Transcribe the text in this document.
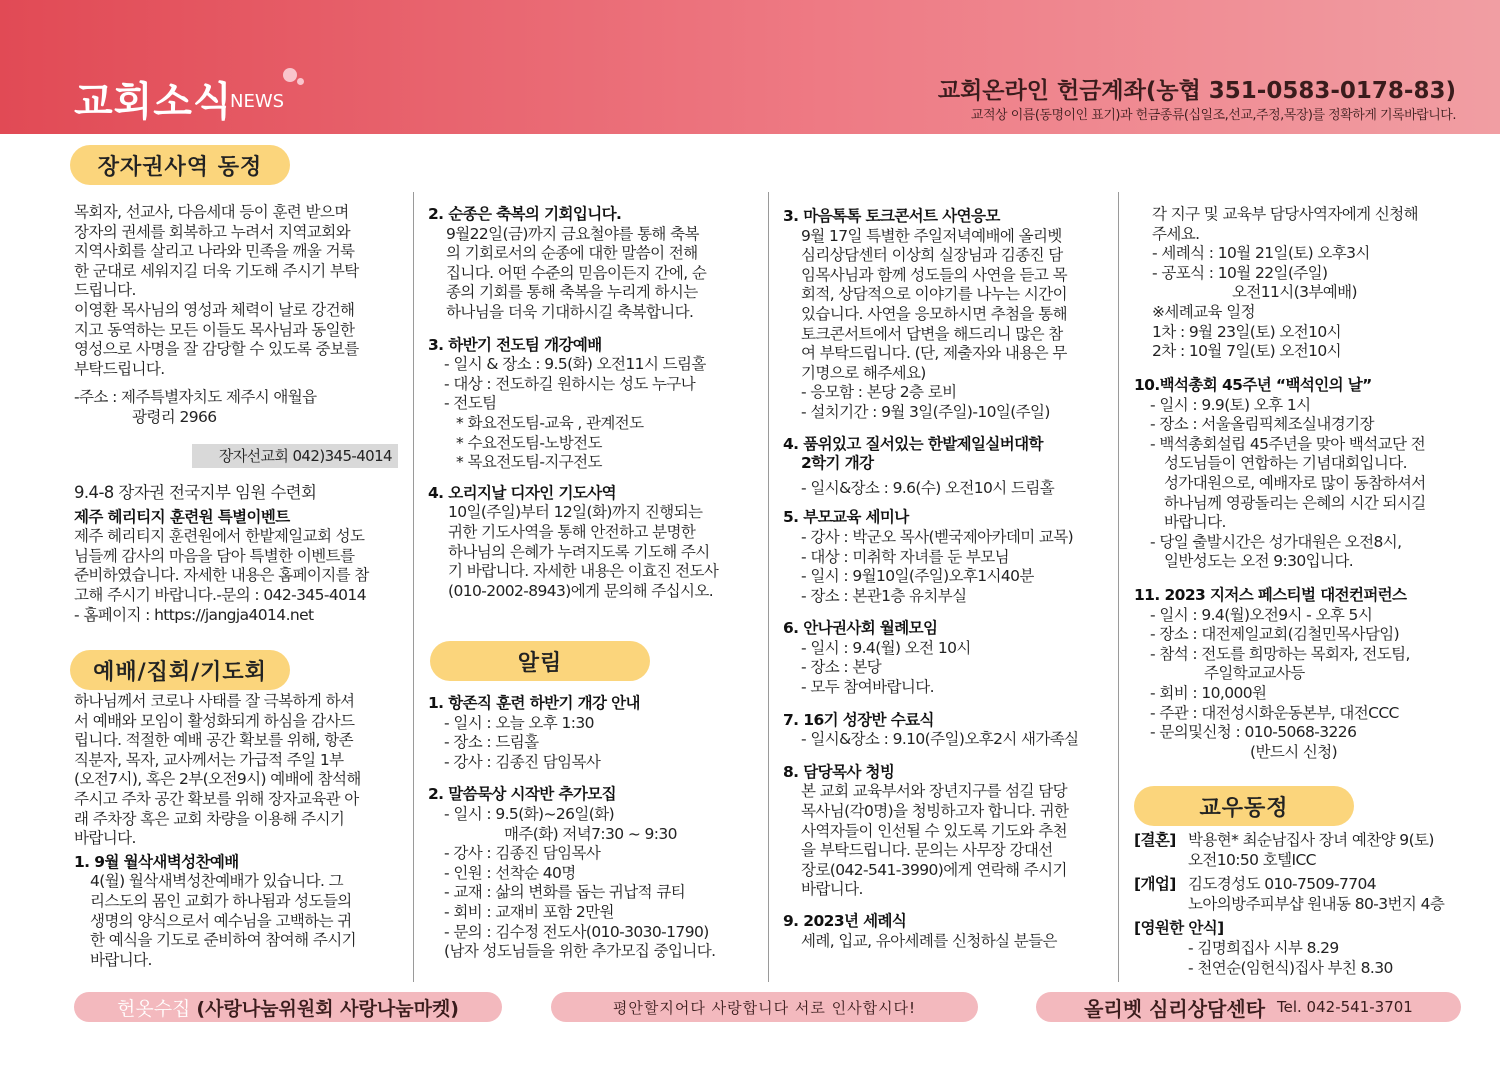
교회소식
NEWS	교회온라인 헌금계좌(농협 351-0583-0178-83)
교적상 이름(동명이인 표기)과 헌금종류(십일조,선교,주정,목장)를 정확하게 기록바랍니다.
장자권사역 동정
예배/집회/기도회	알림
교우동정

목회자, 선교사, 다음세대 등이 훈련 받으며

장자의 권세를 회복하고 누려서 지역교회와

지역사회를 살리고 나라와 민족을 깨울 거룩

한 군대로 세워지길 더욱 기도해 주시기 부탁

드립니다.

이영환 목사님의 영성과 체력이 날로 강건해

지고 동역하는 모든 이들도 목사님과 동일한

영성으로 사명을 잘 감당할 수 있도록 중보를

부탁드립니다.

-주소 : 제주특별자치도 제주시 애월읍

광령리 2966

장자선교회 042)345-4014

9.4-8 장자권 전국지부 임원 수련회

제주 헤리티지 훈련원 특별이벤트

제주 헤리티지 훈련원에서 한밭제일교회 성도

님들께 감사의 마음을 담아 특별한 이벤트를

준비하였습니다. 자세한 내용은 홈페이지를 참

고해 주시기 바랍니다.-문의 : 042-345-4014

- 홈페이지 : https://jangja4014.net

하나님께서 코로나 사태를 잘 극복하게 하셔

서 예배와 모임이 활성화되게 하심을 감사드

립니다. 적절한 예배 공간 확보를 위해, 항존

직분자, 목자, 교사께서는 가급적 주일 1부

(오전7시), 혹은 2부(오전9시) 예배에 참석해

주시고 주차 공간 확보를 위해 장자교육관 아

래 주차장 혹은 교회 차량을 이용해 주시기

바랍니다.

1. 9월 월삭새벽성찬예배

4(월) 월삭새벽성찬예배가 있습니다. 그

리스도의 몸인 교회가 하나됨과 성도들의

생명의 양식으로서 예수님을 고백하는 귀

한 예식을 기도로 준비하여 참여해 주시기

바랍니다.

2. 순종은 축복의 기회입니다.

9월22일(금)까지 금요철야를 통해 축복

의 기회로서의 순종에 대한 말씀이 전해

집니다. 어떤 수준의 믿음이든지 간에, 순

종의 기회를 통해 축복을 누리게 하시는

하나님을 더욱 기대하시길 축복합니다.

3. 하반기 전도팀 개강예배

- 일시 & 장소 : 9.5(화) 오전11시 드림홀

- 대상 : 전도하길 원하시는 성도 누구나

- 전도팀

* 화요전도팀-교육 , 관계전도

* 수요전도팀-노방전도

* 목요전도팀-지구전도

4. 오리지날 디자인 기도사역

10일(주일)부터 12일(화)까지 진행되는

귀한 기도사역을 통해 안전하고 분명한

하나님의 은혜가 누려지도록 기도해 주시

기 바랍니다. 자세한 내용은 이효진 전도사

(010-2002-8943)에게 문의해 주십시오.

1. 항존직 훈련 하반기 개강 안내

- 일시 : 오늘 오후 1:30

- 장소 : 드림홀

- 강사 : 김종진 담임목사

2. 말씀묵상 시작반 추가모집

- 일시 : 9.5(화)~26일(화)

매주(화) 저녁7:30 ~ 9:30

- 강사 : 김종진 담임목사

- 인원 : 선착순 40명

- 교재 : 삶의 변화를 돕는 귀납적 큐티

- 회비 : 교재비 포함 2만원

- 문의 : 김수정 전도사(010-3030-1790)

(남자 성도님들을 위한 추가모집 중입니다.

3. 마음톡톡 토크콘서트 사연응모

9월 17일 특별한 주일저녁예배에 올리벳

심리상담센터 이상희 실장님과 김종진 담

임목사님과 함께 성도들의 사연을 듣고 목

회적, 상담적으로 이야기를 나누는 시간이

있습니다. 사연을 응모하시면 추첨을 통해

토크콘서트에서 답변을 해드리니 많은 참

여 부탁드립니다. (단, 제출자와 내용은 무

기명으로 해주세요)

- 응모함 : 본당 2층 로비

- 설치기간 : 9월 3일(주일)-10일(주일)

4. 품위있고 질서있는 한밭제일실버대학

2학기 개강

- 일시&장소 : 9.6(수) 오전10시 드림홀

5. 부모교육 세미나

- 강사 : 박군오 목사(벧국제아카데미 교목)

- 대상 : 미취학 자녀를 둔 부모님

- 일시 : 9월10일(주일)오후1시40분

- 장소 : 본관1층 유치부실

6. 안나권사회 월례모임

- 일시 : 9.4(월) 오전 10시

- 장소 : 본당

- 모두 참여바랍니다.

7. 16기 성장반 수료식

- 일시&장소 : 9.10(주일)오후2시 새가족실

8. 담당목사 청빙

본 교회 교육부서와 장년지구를 섬길 담당

목사님(각0명)을 청빙하고자 합니다. 귀한

사역자들이 인선될 수 있도록 기도와 추천

을 부탁드립니다. 문의는 사무장 강대선

장로(042-541-3990)에게 연락해 주시기

바랍니다.

9. 2023년 세례식

세례, 입교, 유아세례를 신청하실 분들은

각 지구 및 교육부 담당사역자에게 신청해

주세요.

- 세례식 : 10월 21일(토) 오후3시

- 공포식 : 10월 22일(주일)

오전11시(3부예배)

※세례교육 일정

1차 : 9월 23일(토) 오전10시

2차 : 10월 7일(토) 오전10시

10.백석총회 45주년 “백석인의 날”

- 일시 : 9.9(토) 오후 1시

- 장소 : 서울올림픽체조실내경기장

- 백석총회설립 45주년을 맞아 백석교단 전

성도님들이 연합하는 기념대회입니다.

성가대원으로, 예배자로 많이 동참하셔서

하나님께 영광돌리는 은혜의 시간 되시길

바랍니다.

- 당일 출발시간은 성가대원은 오전8시,

일반성도는 오전 9:30입니다.

11. 2023 지저스 페스티벌 대전컨퍼런스

- 일시 : 9.4(월)오전9시 - 오후 5시

- 장소 : 대전제일교회(김철민목사담임)

- 참석 : 전도를 희망하는 목회자, 전도팀,

주일학교교사등

- 회비 : 10,000원

- 주관 : 대전성시화운동본부, 대전CCC

- 문의및신청 : 010-5068-3226

(반드시 신청)

[결혼] 박용현* 최순남집사 장녀 예찬양 9(토)

오전10:50 호텔ICC

[개업] 김도경성도 010-7509-7704

노아의방주피부샵 원내동 80-3번지 4층

[영원한 안식]

- 김명희집사 시부 8.29

- 천연순(임헌식)집사 부친 8.30

헌옷수집 (사랑나눔위원회 사랑나눔마켓)	평안할지어다 사랑합니다 서로 인사합시다!	올리벳 심리상담센타 Tel. 042-541-3701
